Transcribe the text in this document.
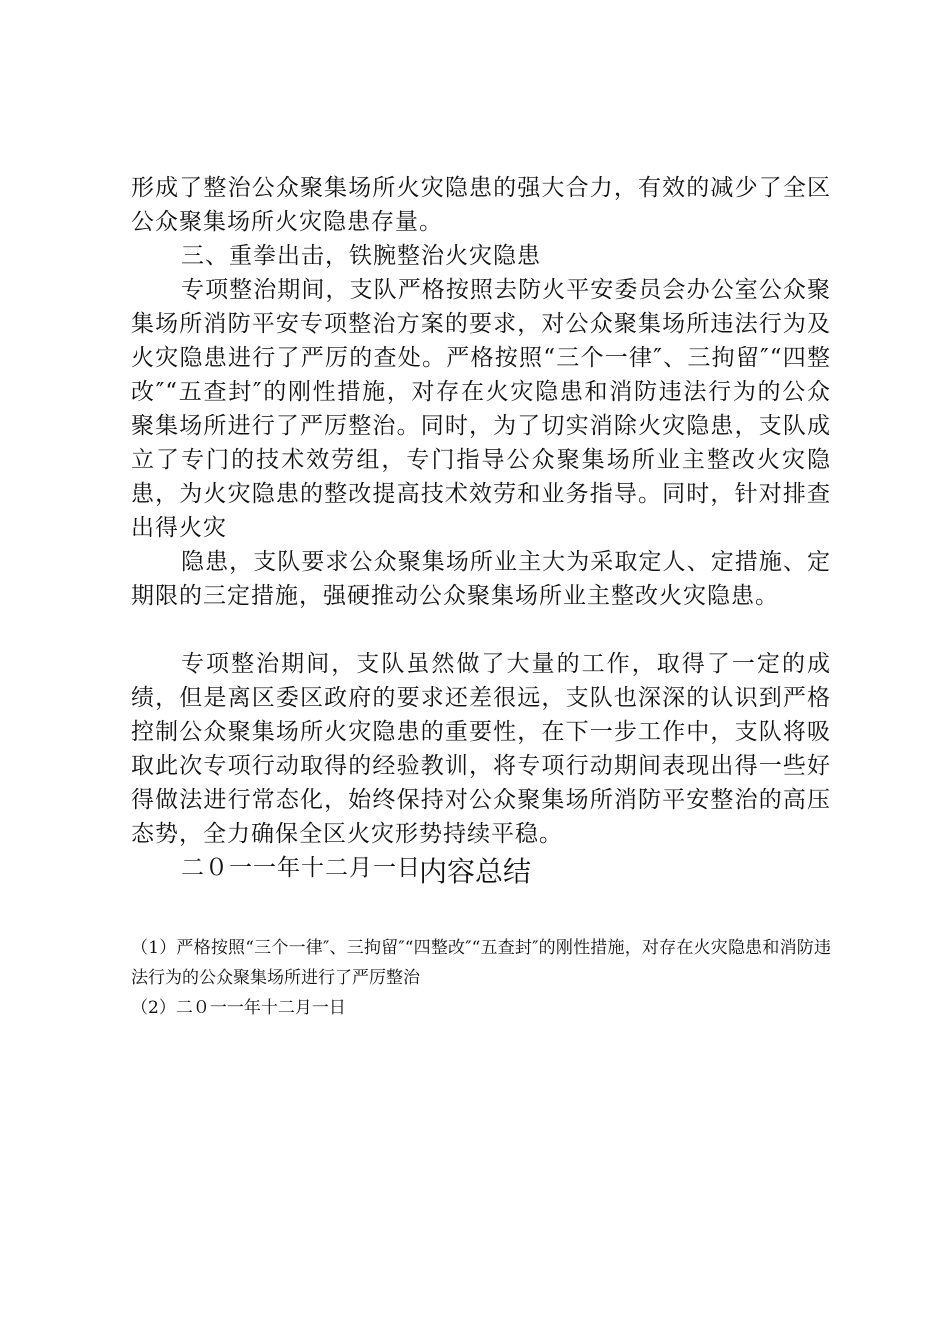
形成了整治公众聚集场所火灾隐患的强大合力，有效的减少了全区公众聚集场所火灾隐患存量。

三、重拳出击，铁腕整治火灾隐患

专项整治期间，支队严格按照去防火平安委员会办公室公众聚集场所消防平安专项整治方案的要求，对公众聚集场所违法行为及火灾隐患进行了严厉的查处。严格按照“三个一律″、三拘留″“四整改″“五查封″的刚性措施，对存在火灾隐患和消防违法行为的公众聚集场所进行了严厉整治。同时，为了切实消除火灾隐患，支队成立了专门的技术效劳组，专门指导公众聚集场所业主整改火灾隐患，为火灾隐患的整改提高技术效劳和业务指导。同时，针对排查出得火灾

隐患，支队要求公众聚集场所业主大为采取定人、定措施、定期限的三定措施，强硬推动公众聚集场所业主整改火灾隐患。

专项整治期间，支队虽然做了大量的工作，取得了一定的成绩，但是离区委区政府的要求还差很远，支队也深深的认识到严格控制公众聚集场所火灾隐患的重要性，在下一步工作中，支队将吸取此次专项行动取得的经验教训，将专项行动期间表现出得一些好得做法进行常态化，始终保持对公众聚集场所消防平安整治的高压态势，全力确保全区火灾形势持续平稳。

二０一一年十二月一日

内容总结

（1）严格按照“三个一律″、三拘留″“四整改″“五查封″的刚性措施，对存在火灾隐患和消防违法行为的公众聚集场所进行了严厉整治

（2）二０一一年十二月一日
